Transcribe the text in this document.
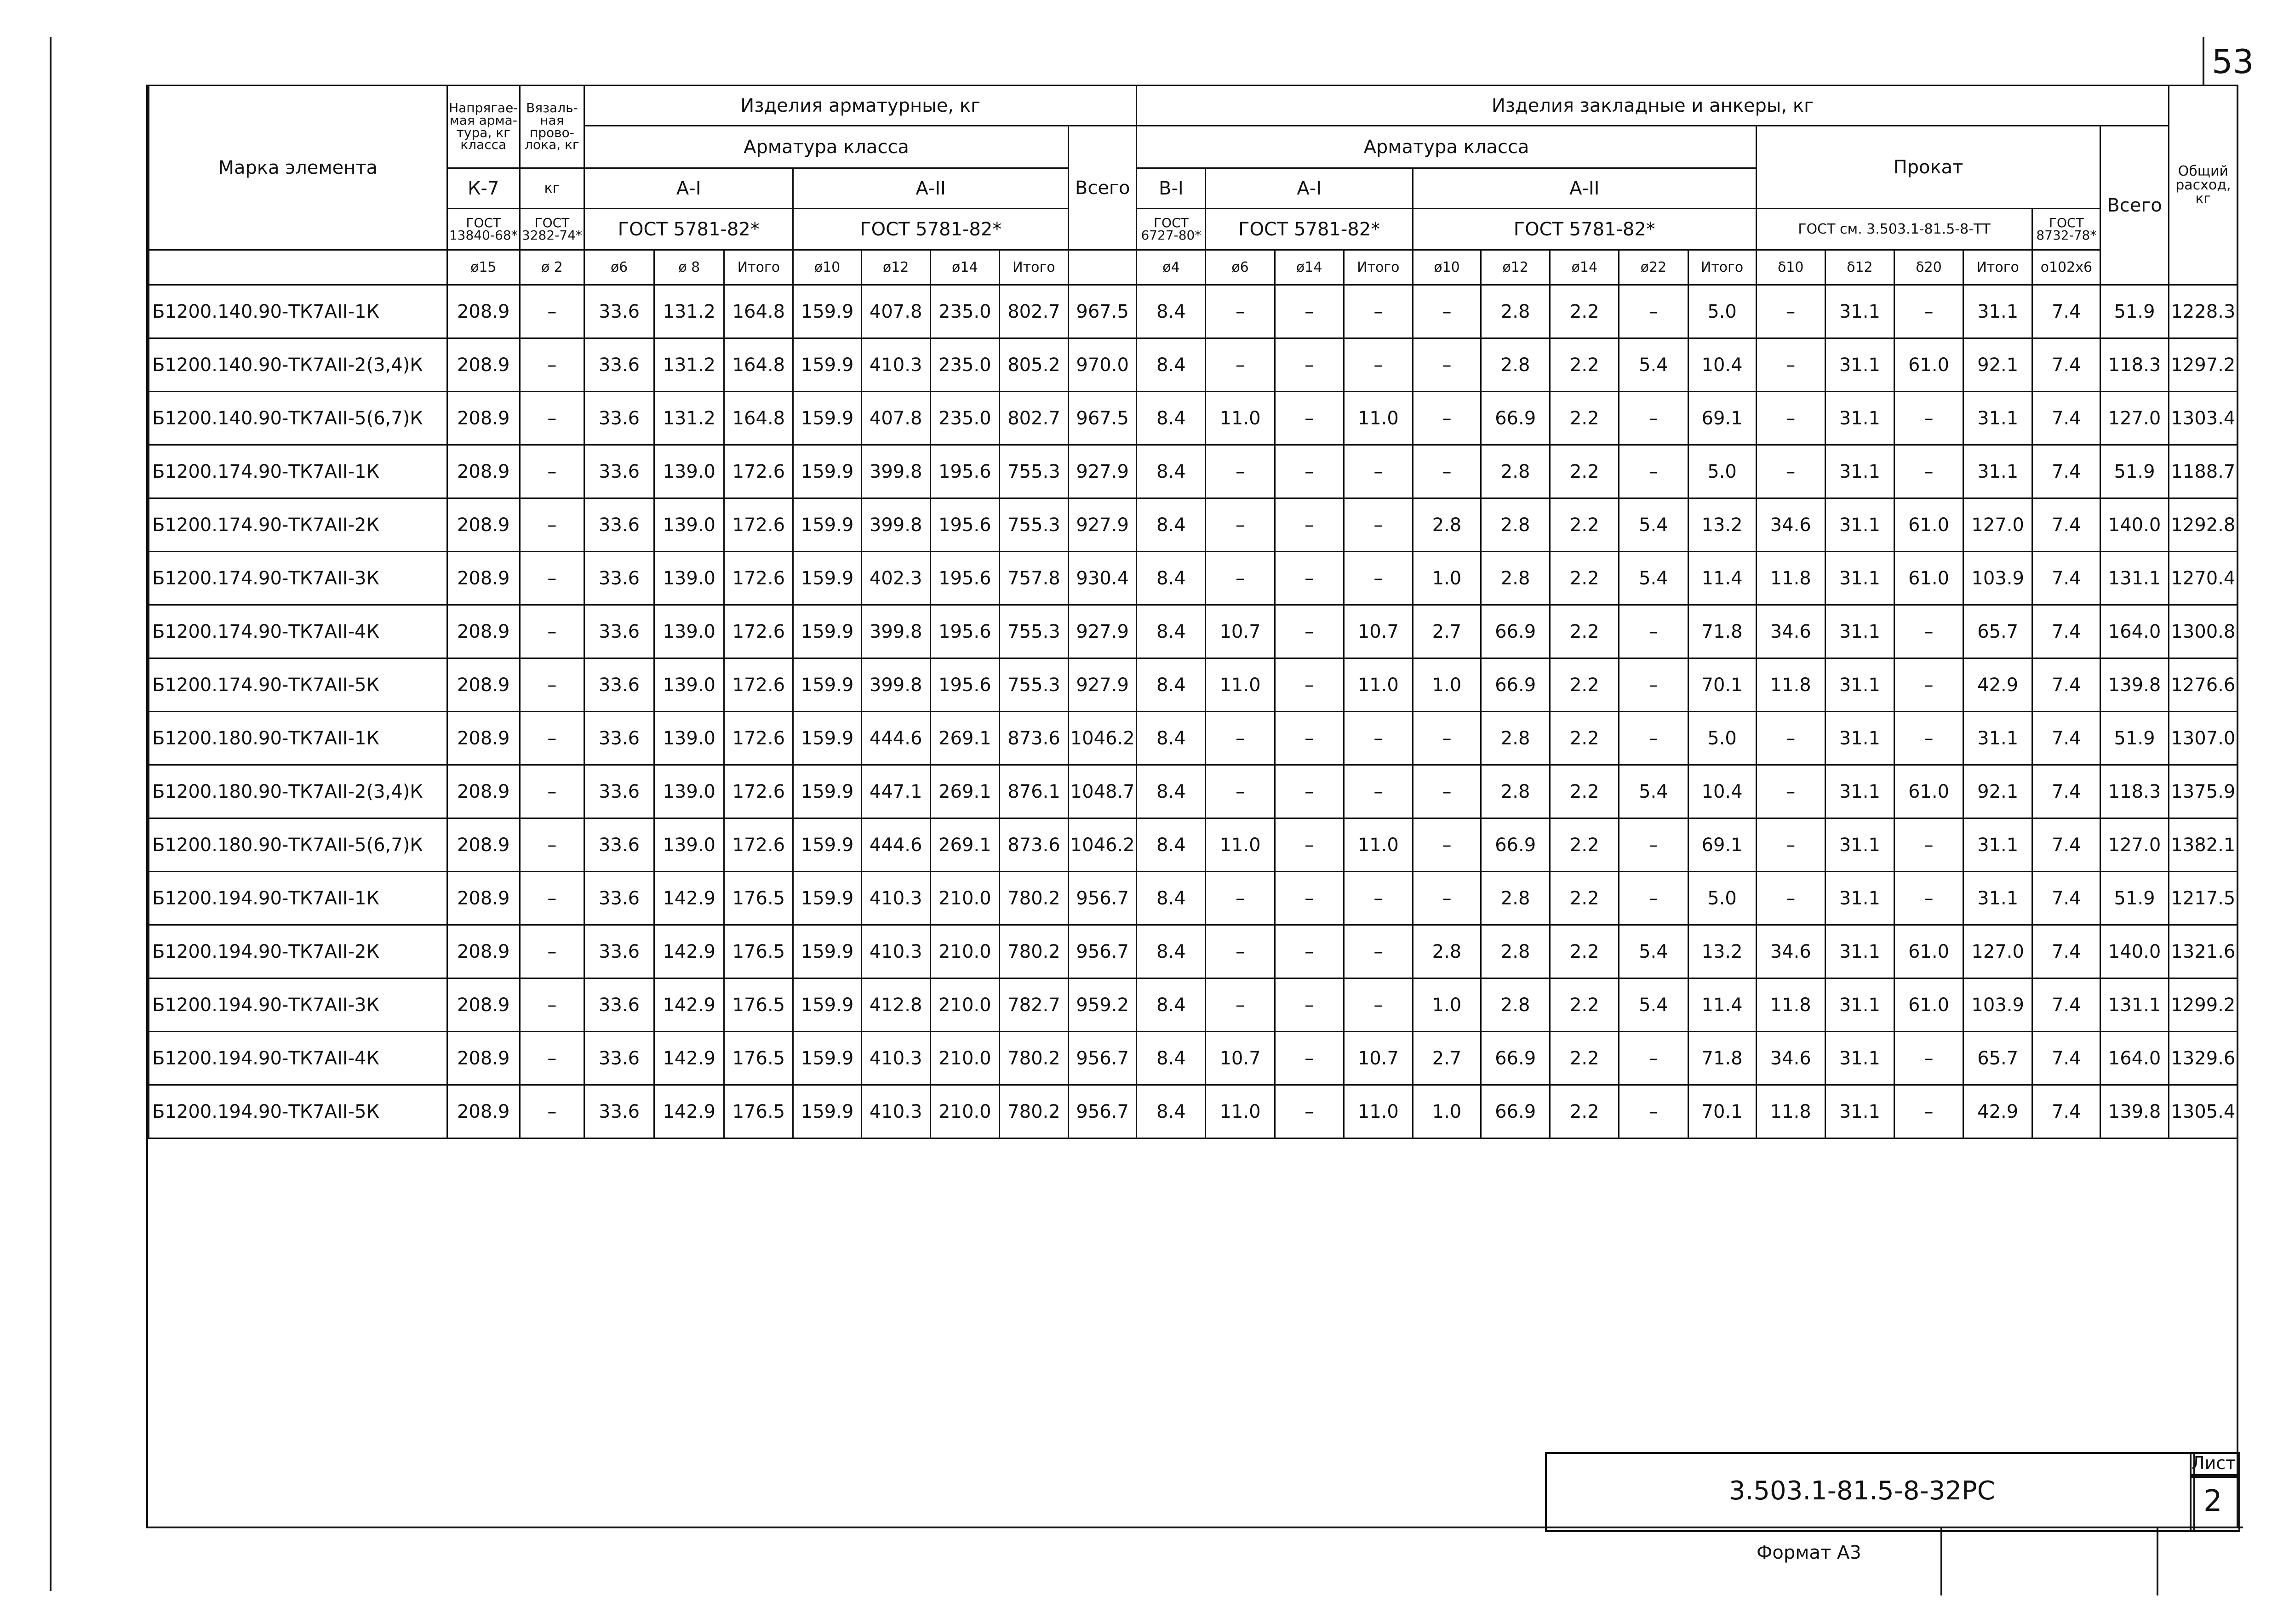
53
Марка элемента	Напрягае-мая арма-тура, кг класса	Вязаль-ная прово-лока, кг	Изделия арматурные, кг								Изделия закладные и анкеры, кг															Общий расход, кг
			Арматура класса							Всего	Арматура класса									Прокат					Всего	
	К-7	кг	А-I			А-II					В-I	А-I			А-II											
	ГОСТ 13840-68*	ГОСТ 3282-74*	ГОСТ 5781-82*			ГОСТ 5781-82*					ГОСТ 6727-80*	ГОСТ 5781-82*			ГОСТ 5781-82*					ГОСТ см. 3.503.1-81.5-8-ТТ				ГОСТ 8732-78*		
	ø15	ø 2	ø6	ø 8	Итого	ø10	ø12	ø14	Итого		ø4	ø6	ø14	Итого	ø10	ø12	ø14	ø22	Итого	δ10	δ12	δ20	Итого	o102x6		
Б1200.140.90-ТК7АII-1К	208.9	–	33.6	131.2	164.8	159.9	407.8	235.0	802.7	967.5	8.4	–	–	–	–	2.8	2.2	–	5.0	–	31.1	–	31.1	7.4	51.9	1228.3
Б1200.140.90-ТК7АII-2(3,4)К	208.9	–	33.6	131.2	164.8	159.9	410.3	235.0	805.2	970.0	8.4	–	–	–	–	2.8	2.2	5.4	10.4	–	31.1	61.0	92.1	7.4	118.3	1297.2
Б1200.140.90-ТК7АII-5(6,7)К	208.9	–	33.6	131.2	164.8	159.9	407.8	235.0	802.7	967.5	8.4	11.0	–	11.0	–	66.9	2.2	–	69.1	–	31.1	–	31.1	7.4	127.0	1303.4
Б1200.174.90-ТК7АII-1К	208.9	–	33.6	139.0	172.6	159.9	399.8	195.6	755.3	927.9	8.4	–	–	–	–	2.8	2.2	–	5.0	–	31.1	–	31.1	7.4	51.9	1188.7
Б1200.174.90-ТК7АII-2К	208.9	–	33.6	139.0	172.6	159.9	399.8	195.6	755.3	927.9	8.4	–	–	–	2.8	2.8	2.2	5.4	13.2	34.6	31.1	61.0	127.0	7.4	140.0	1292.8
Б1200.174.90-ТК7АII-3К	208.9	–	33.6	139.0	172.6	159.9	402.3	195.6	757.8	930.4	8.4	–	–	–	1.0	2.8	2.2	5.4	11.4	11.8	31.1	61.0	103.9	7.4	131.1	1270.4
Б1200.174.90-ТК7АII-4К	208.9	–	33.6	139.0	172.6	159.9	399.8	195.6	755.3	927.9	8.4	10.7	–	10.7	2.7	66.9	2.2	–	71.8	34.6	31.1	–	65.7	7.4	164.0	1300.8
Б1200.174.90-ТК7АII-5К	208.9	–	33.6	139.0	172.6	159.9	399.8	195.6	755.3	927.9	8.4	11.0	–	11.0	1.0	66.9	2.2	–	70.1	11.8	31.1	–	42.9	7.4	139.8	1276.6
Б1200.180.90-ТК7АII-1К	208.9	–	33.6	139.0	172.6	159.9	444.6	269.1	873.6	1046.2	8.4	–	–	–	–	2.8	2.2	–	5.0	–	31.1	–	31.1	7.4	51.9	1307.0
Б1200.180.90-ТК7АII-2(3,4)К	208.9	–	33.6	139.0	172.6	159.9	447.1	269.1	876.1	1048.7	8.4	–	–	–	–	2.8	2.2	5.4	10.4	–	31.1	61.0	92.1	7.4	118.3	1375.9
Б1200.180.90-ТК7АII-5(6,7)К	208.9	–	33.6	139.0	172.6	159.9	444.6	269.1	873.6	1046.2	8.4	11.0	–	11.0	–	66.9	2.2	–	69.1	–	31.1	–	31.1	7.4	127.0	1382.1
Б1200.194.90-ТК7АII-1К	208.9	–	33.6	142.9	176.5	159.9	410.3	210.0	780.2	956.7	8.4	–	–	–	–	2.8	2.2	–	5.0	–	31.1	–	31.1	7.4	51.9	1217.5
Б1200.194.90-ТК7АII-2К	208.9	–	33.6	142.9	176.5	159.9	410.3	210.0	780.2	956.7	8.4	–	–	–	2.8	2.8	2.2	5.4	13.2	34.6	31.1	61.0	127.0	7.4	140.0	1321.6
Б1200.194.90-ТК7АII-3К	208.9	–	33.6	142.9	176.5	159.9	412.8	210.0	782.7	959.2	8.4	–	–	–	1.0	2.8	2.2	5.4	11.4	11.8	31.1	61.0	103.9	7.4	131.1	1299.2
Б1200.194.90-ТК7АII-4К	208.9	–	33.6	142.9	176.5	159.9	410.3	210.0	780.2	956.7	8.4	10.7	–	10.7	2.7	66.9	2.2	–	71.8	34.6	31.1	–	65.7	7.4	164.0	1329.6
Б1200.194.90-ТК7АII-5К	208.9	–	33.6	142.9	176.5	159.9	410.3	210.0	780.2	956.7	8.4	11.0	–	11.0	1.0	66.9	2.2	–	70.1	11.8	31.1	–	42.9	7.4	139.8	1305.4
3.503.1-81.5-8-32РС
Лист
2
Формат А3
